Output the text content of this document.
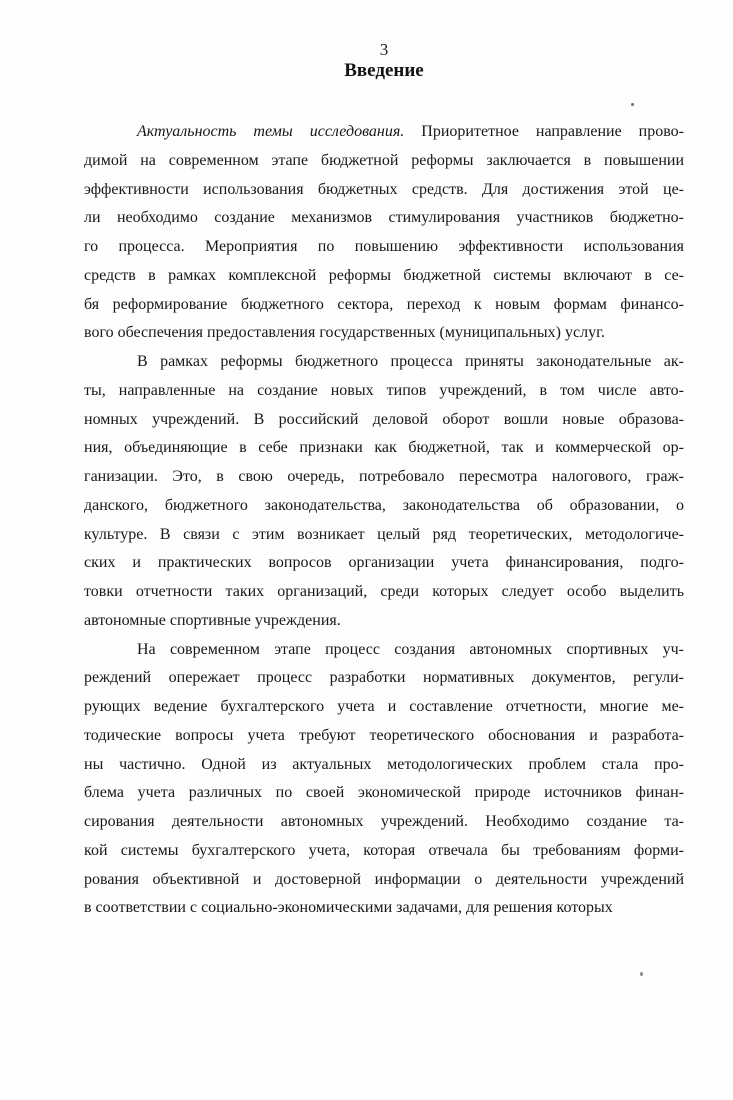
3
Введение
Актуальность темы исследования. Приоритетное направление прово-
димой на современном этапе бюджетной реформы заключается в повышении
эффективности использования бюджетных средств. Для достижения этой це-
ли необходимо создание механизмов стимулирования участников бюджетно-
го процесса. Мероприятия по повышению эффективности использования
средств в рамках комплексной реформы бюджетной системы включают в се-
бя реформирование бюджетного сектора, переход к новым формам финансо-
вого обеспечения предоставления государственных (муниципальных) услуг.
В рамках реформы бюджетного процесса приняты законодательные ак-
ты, направленные на создание новых типов учреждений, в том числе авто-
номных учреждений. В российский деловой оборот вошли новые образова-
ния, объединяющие в себе признаки как бюджетной, так и коммерческой ор-
ганизации. Это, в свою очередь, потребовало пересмотра налогового, граж-
данского, бюджетного законодательства, законодательства об образовании, о
культуре. В связи с этим возникает целый ряд теоретических, методологиче-
ских и практических вопросов организации учета финансирования, подго-
товки отчетности таких организаций, среди которых следует особо выделить
автономные спортивные учреждения.
На современном этапе процесс создания автономных спортивных уч-
реждений опережает процесс разработки нормативных документов, регули-
рующих ведение бухгалтерского учета и составление отчетности, многие ме-
тодические вопросы учета требуют теоретического обоснования и разработа-
ны частично. Одной из актуальных методологических проблем стала про-
блема учета различных по своей экономической природе источников финан-
сирования деятельности автономных учреждений. Необходимо создание та-
кой системы бухгалтерского учета, которая отвечала бы требованиям форми-
рования объективной и достоверной информации о деятельности учреждений
в соответствии с социально-экономическими задачами, для решения которых
